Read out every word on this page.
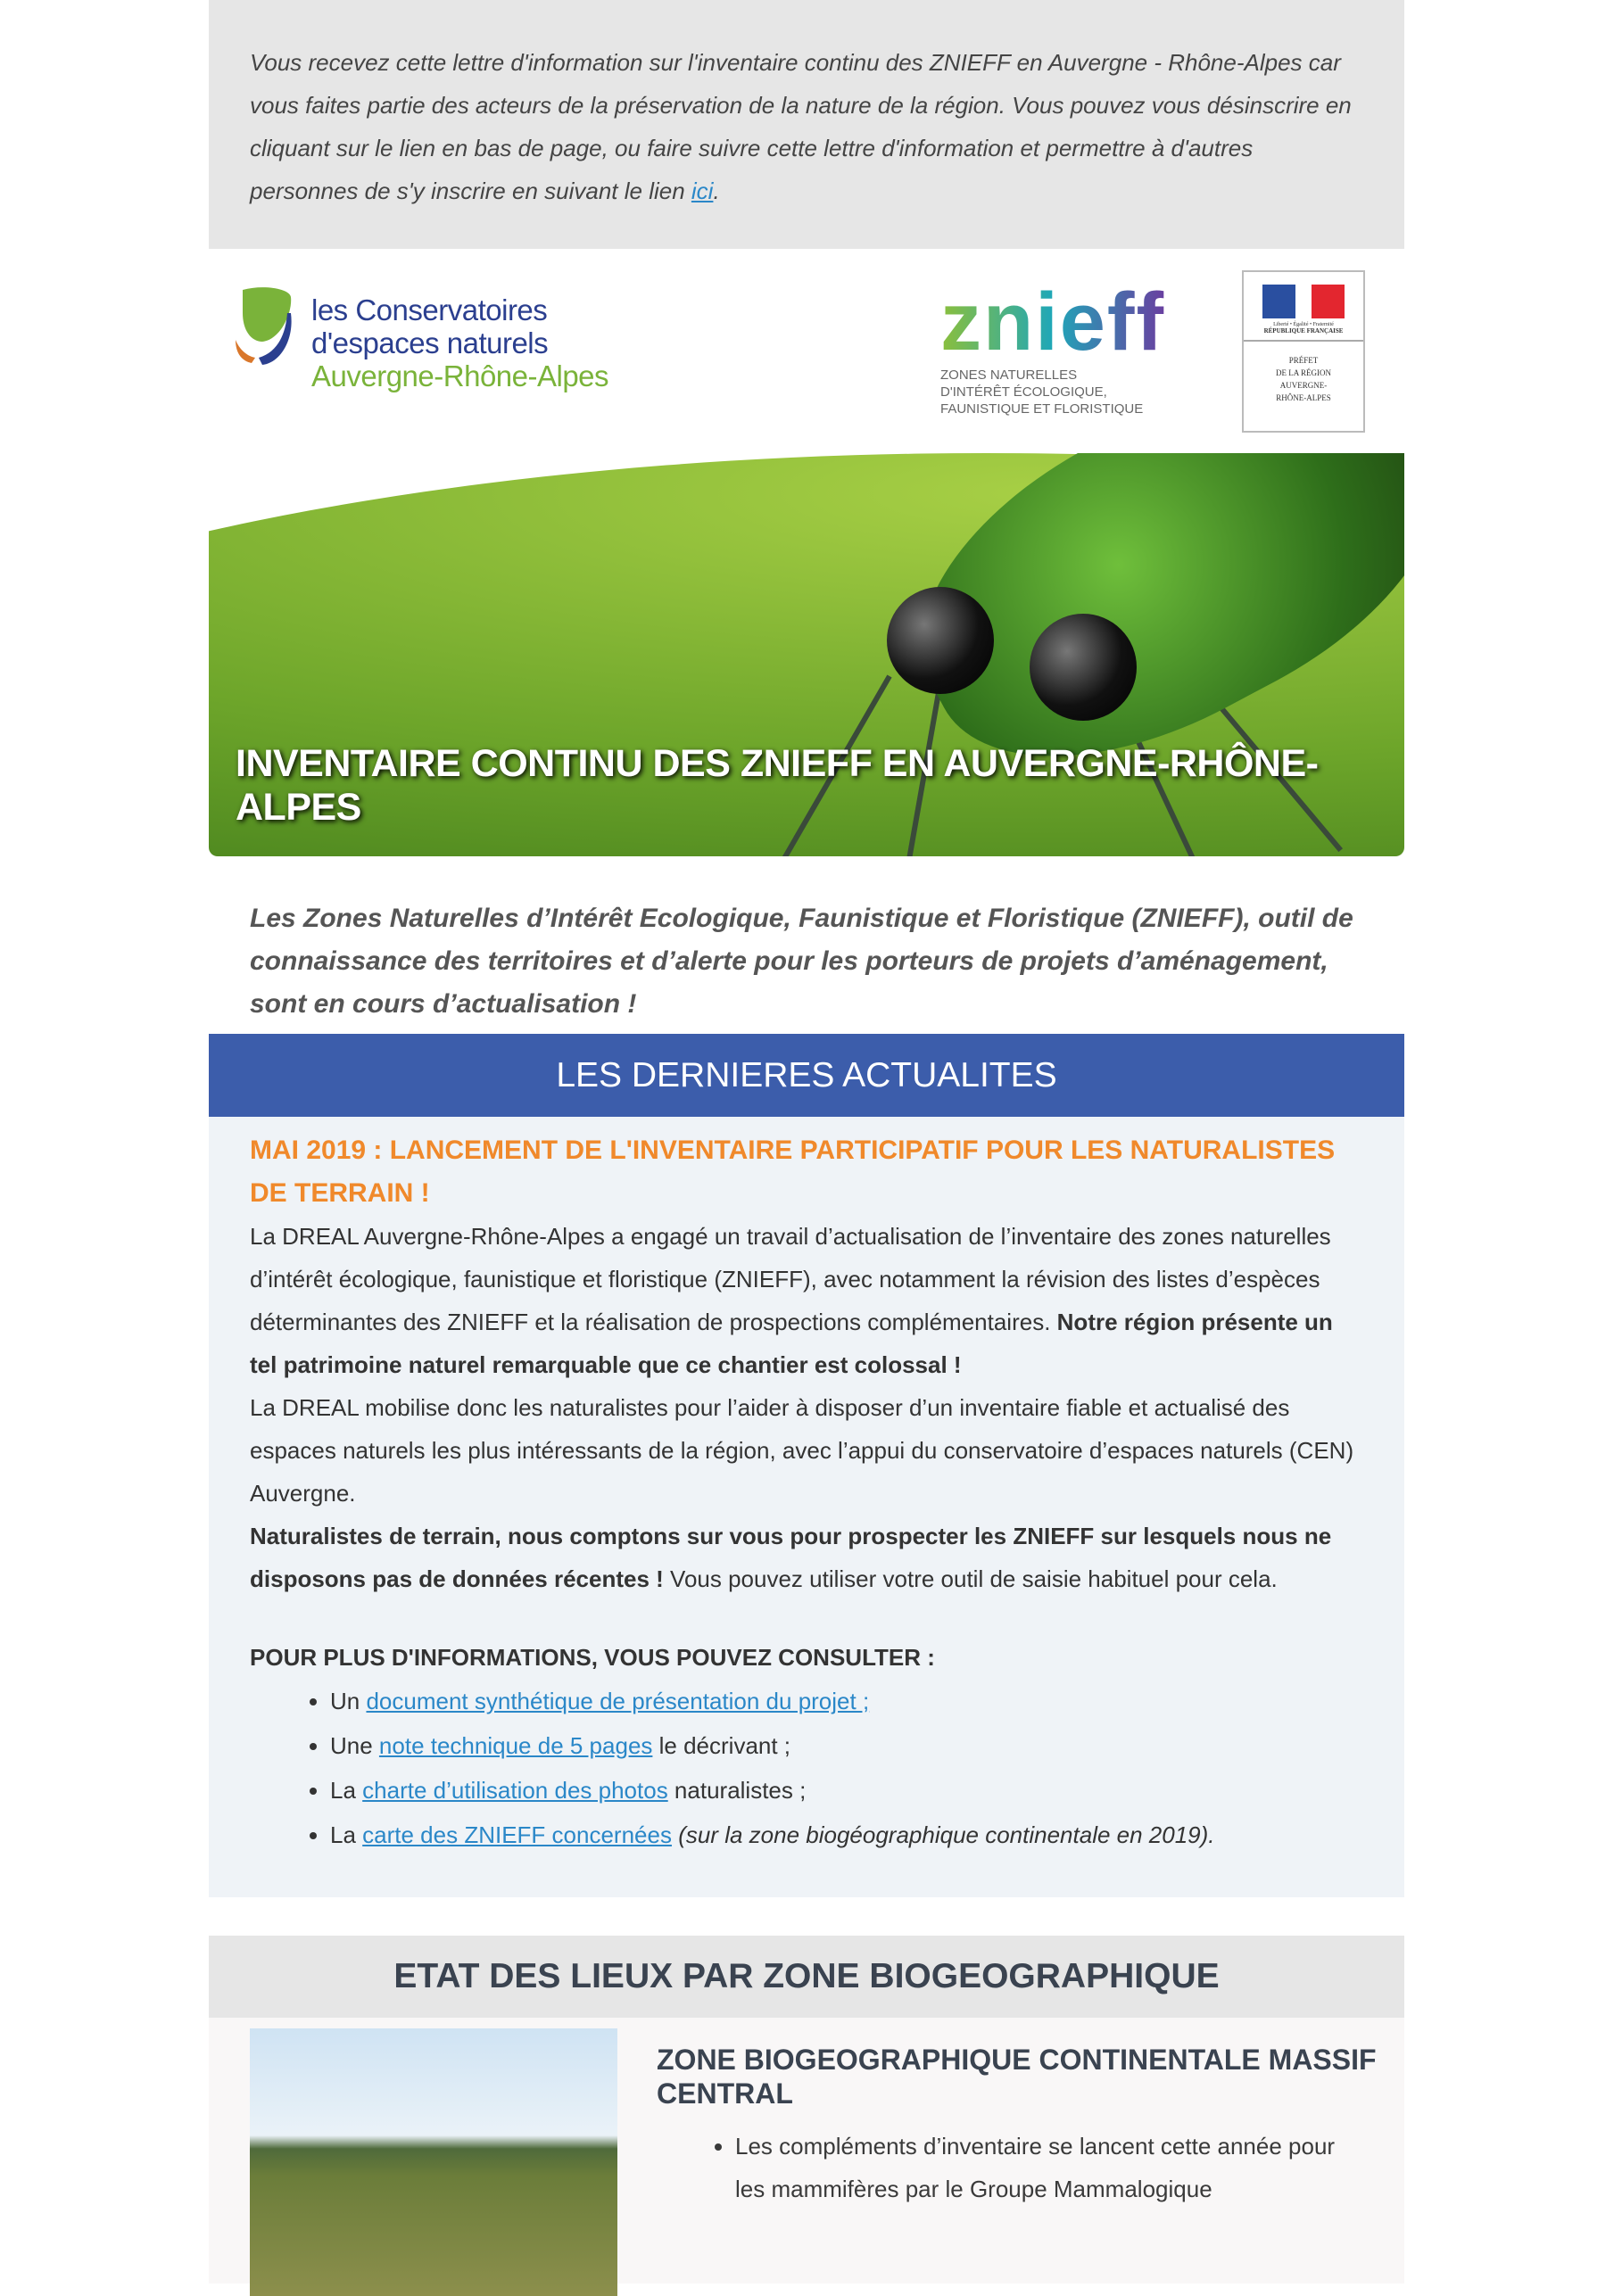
Vous recevez cette lettre d'information sur l'inventaire continu des ZNIEFF en Auvergne - Rhône-Alpes car vous faites partie des acteurs de la préservation de la nature de la région. Vous pouvez vous désinscrire en cliquant sur le lien en bas de page, ou faire suivre cette lettre d'information et permettre à d'autres personnes de s'y inscrire en suivant le lien ici.
les Conservatoires
d'espaces naturels
Auvergne-Rhône-Alpes
znieff
ZONES NATURELLES
D'INTÉRÊT ÉCOLOGIQUE,
FAUNISTIQUE ET FLORISTIQUE
Liberté • Égalité • Fraternité
RÉPUBLIQUE FRANÇAISE
PRÉFET
DE LA RÉGION
AUVERGNE-
RHÔNE-ALPES
INVENTAIRE CONTINU DES ZNIEFF EN AUVERGNE-RHÔNE-ALPES
Les Zones Naturelles d’Intérêt Ecologique, Faunistique et Floristique (ZNIEFF), outil de connaissance des territoires et d’alerte pour les porteurs de projets d’aménagement, sont en cours d’actualisation !
LES DERNIERES ACTUALITES
MAI 2019 : LANCEMENT DE L'INVENTAIRE PARTICIPATIF POUR LES NATURALISTES DE TERRAIN !

La DREAL Auvergne-Rhône-Alpes a engagé un travail d’actualisation de l’inventaire des zones naturelles d’intérêt écologique, faunistique et floristique (ZNIEFF), avec notamment la révision des listes d’espèces déterminantes des ZNIEFF et la réalisation de prospections complémentaires. Notre région présente un tel patrimoine naturel remarquable que ce chantier est colossal !

La DREAL mobilise donc les naturalistes pour l’aider à disposer d’un inventaire fiable et actualisé des espaces naturels les plus intéressants de la région, avec l’appui du conservatoire d’espaces naturels (CEN) Auvergne.

Naturalistes de terrain, nous comptons sur vous pour prospecter les ZNIEFF sur lesquels nous ne disposons pas de données récentes ! Vous pouvez utiliser votre outil de saisie habituel pour cela.

POUR PLUS D'INFORMATIONS, VOUS POUVEZ CONSULTER :

• Un document synthétique de présentation du projet ;
• Une note technique de 5 pages le décrivant ;
• La charte d’utilisation des photos naturalistes ;
• La carte des ZNIEFF concernées (sur la zone biogéographique continentale en 2019).
ETAT DES LIEUX PAR ZONE BIOGEOGRAPHIQUE
ZONE BIOGEOGRAPHIQUE CONTINENTALE MASSIF CENTRAL
• Les compléments d’inventaire se lancent cette année pour les mammifères par le Groupe Mammalogique
